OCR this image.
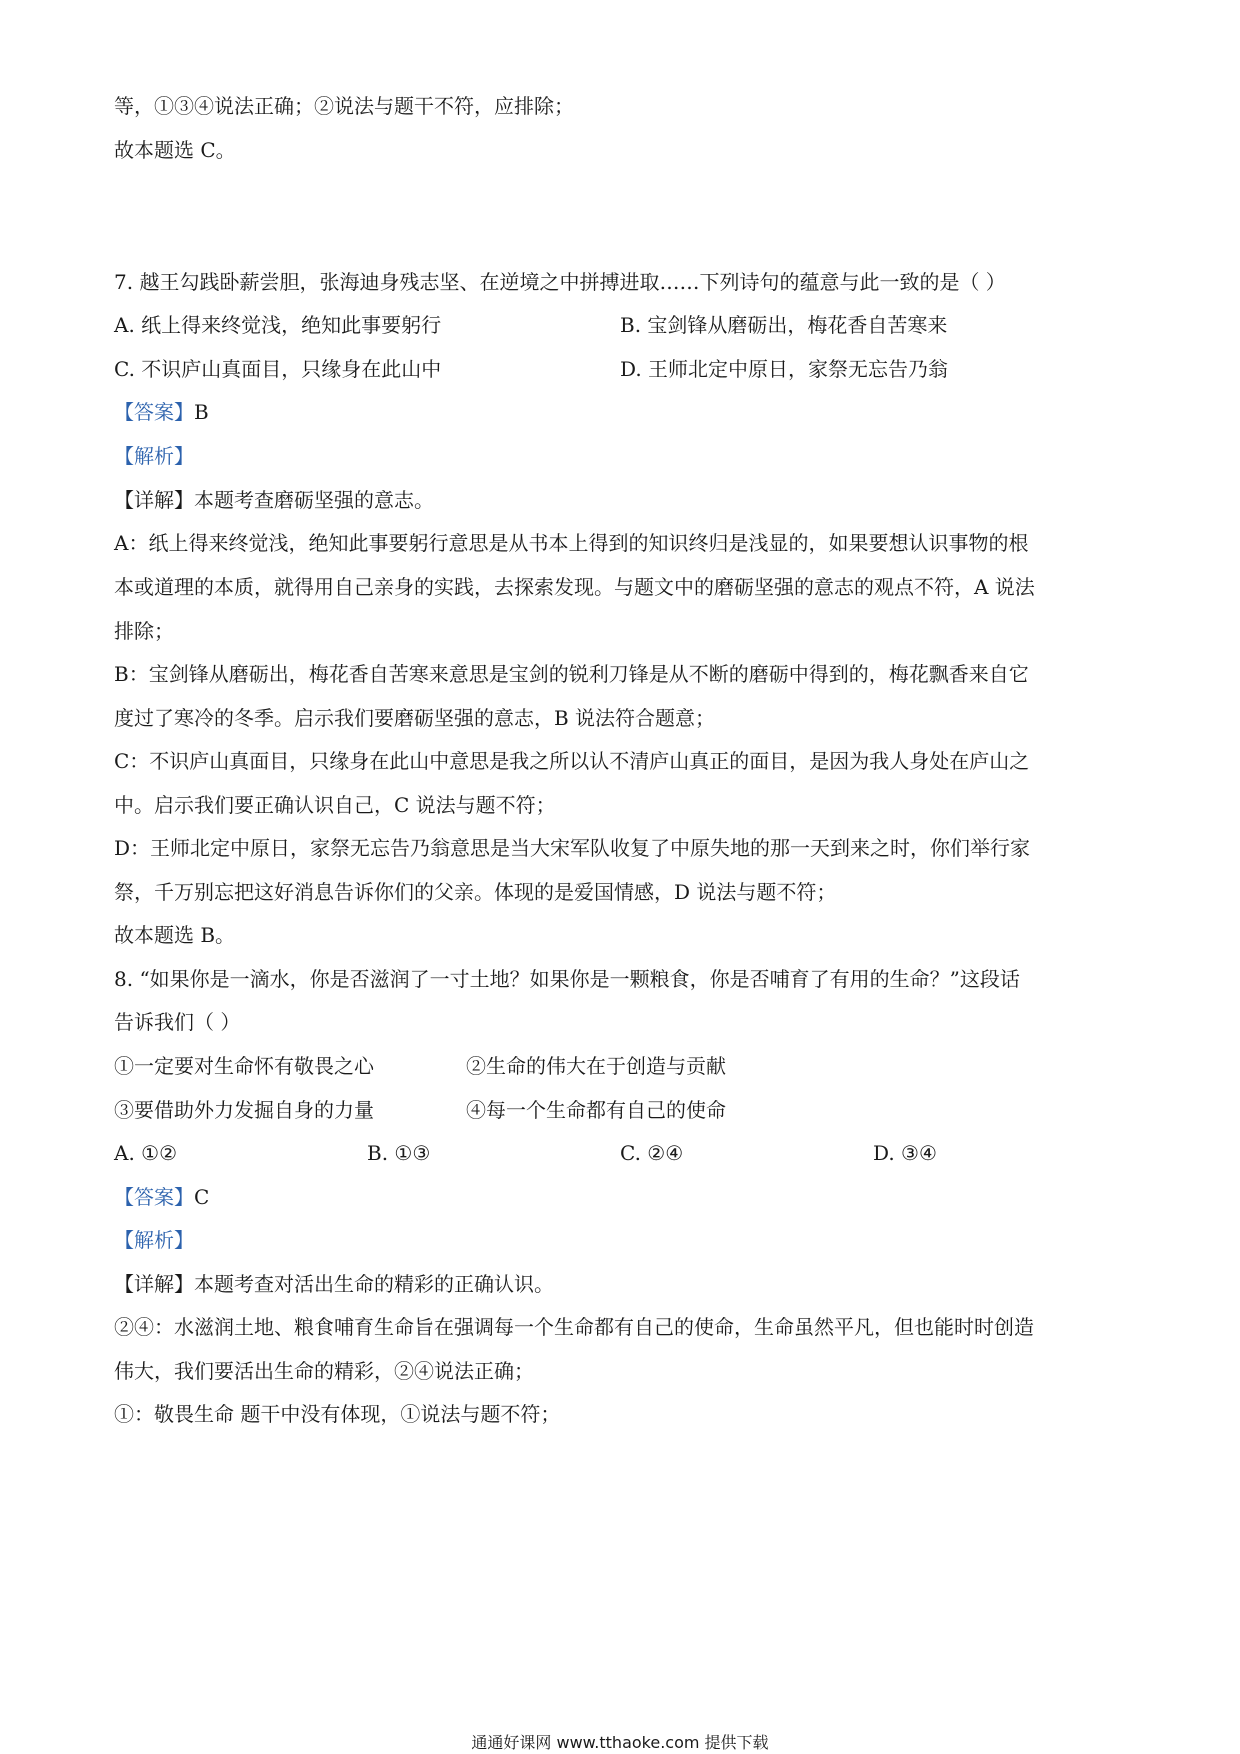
等，①③④说法正确；②说法与题干不符，应排除；
故本题选 C。
7. 越王勾践卧薪尝胆，张海迪身残志坚、在逆境之中拼搏进取……下列诗句的蕴意与此一致的是（ ）
A. 纸上得来终觉浅，绝知此事要躬行	B. 宝剑锋从磨砺出，梅花香自苦寒来
C. 不识庐山真面目，只缘身在此山中	D. 王师北定中原日，家祭无忘告乃翁
【答案】B
【解析】
【详解】本题考查磨砺坚强的意志。
A：纸上得来终觉浅，绝知此事要躬行意思是从书本上得到的知识终归是浅显的，如果要想认识事物的根
本或道理的本质，就得用自己亲身的实践，去探索发现。与题文中的磨砺坚强的意志的观点不符，A 说法
排除；
B：宝剑锋从磨砺出，梅花香自苦寒来意思是宝剑的锐利刀锋是从不断的磨砺中得到的，梅花飘香来自它
度过了寒冷的冬季。启示我们要磨砺坚强的意志，B 说法符合题意；
C：不识庐山真面目，只缘身在此山中意思是我之所以认不清庐山真正的面目，是因为我人身处在庐山之
中。启示我们要正确认识自己，C 说法与题不符；
D：王师北定中原日，家祭无忘告乃翁意思是当大宋军队收复了中原失地的那一天到来之时，你们举行家
祭，千万别忘把这好消息告诉你们的父亲。体现的是爱国情感，D 说法与题不符；
故本题选 B。
8. “如果你是一滴水，你是否滋润了一寸土地？如果你是一颗粮食，你是否哺育了有用的生命？”这段话
告诉我们（ ）
①一定要对生命怀有敬畏之心	②生命的伟大在于创造与贡献
③要借助外力发掘自身的力量	④每一个生命都有自己的使命
A. ①②	B. ①③	C. ②④	D. ③④
【答案】C
【解析】
【详解】本题考查对活出生命的精彩的正确认识。
②④：水滋润土地、粮食哺育生命旨在强调每一个生命都有自己的使命，生命虽然平凡，但也能时时创造
伟大，我们要活出生命的精彩，②④说法正确；
①：敬畏生命 题干中没有体现，①说法与题不符；
通通好课网 www.tthaoke.com 提供下载
